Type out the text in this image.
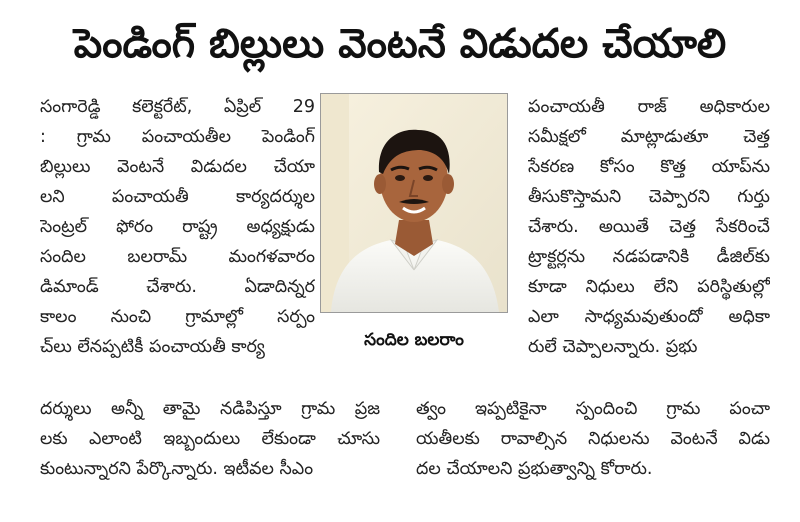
పెండింగ్ బిల్లులు వెంటనే విడుదల చేయాలి
సంగారెడ్డి కలెక్టరేట్, ఏప్రిల్ 29
: గ్రామ పంచాయతీల పెండింగ్
బిల్లులు వెంటనే విడుదల చేయా
లని పంచాయతీ కార్యదర్శుల
సెంట్రల్ ఫోరం రాష్ట్ర అధ్యక్షుడు
సందిల బలరామ్ మంగళవారం
డిమాండ్ చేశారు. ఏడాదిన్నర
కాలం నుంచి గ్రామాల్లో సర్పం
చ్‌లు లేనప్పటికీ పంచాయతీ కార్య	సందిల బలరాం
పంచాయతీ రాజ్ అధికారుల
సమీక్షలో మాట్లాడుతూ చెత్త
సేకరణ కోసం కొత్త యాప్‌ను
తీసుకొస్తామని చెప్పారని గుర్తు
చేశారు. అయితే చెత్త సేకరించే
ట్రాక్టర్లను నడపడానికి డీజిల్‌కు
కూడా నిధులు లేని పరిస్థితుల్లో
ఎలా సాధ్యమవుతుందో అధికా
రులే చెప్పాలన్నారు. ప్రభు
దర్శులు అన్నీ తామై నడిపిస్తూ గ్రామ ప్రజ
లకు ఎలాంటి ఇబ్బందులు లేకుండా చూసు
కుంటున్నారని పేర్కొన్నారు. ఇటీవల సీఎం
త్వం ఇప్పటికైనా స్పందించి గ్రామ పంచా
యతీలకు రావాల్సిన నిధులను వెంటనే విడు
దల చేయాలని ప్రభుత్వాన్ని కోరారు.
